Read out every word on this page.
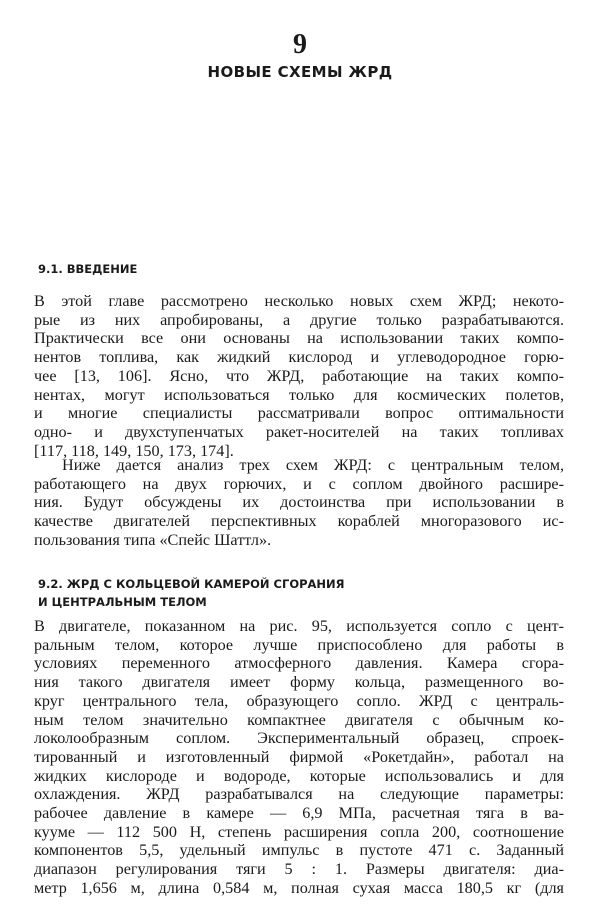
9
НОВЫЕ СХЕМЫ ЖРД
9.1. ВВЕДЕНИЕ
В этой главе рассмотрено несколько новых схем ЖРД; некото-
рые из них апробированы, а другие только разрабатываются.
Практически все они основаны на использовании таких компо-
нентов топлива, как жидкий кислород и углеводородное горю-
чее [13, 106]. Ясно, что ЖРД, работающие на таких компо-
нентах, могут использоваться только для космических полетов,
и многие специалисты рассматривали вопрос оптимальности
одно- и двухступенчатых ракет-носителей на таких топливах
[117, 118, 149, 150, 173, 174].
Ниже дается анализ трех схем ЖРД: с центральным телом,
работающего на двух горючих, и с соплом двойного расшире-
ния. Будут обсуждены их достоинства при использовании в
качестве двигателей перспективных кораблей многоразового ис-
пользования типа «Спейс Шаттл».
9.2. ЖРД С КОЛЬЦЕВОЙ КАМЕРОЙ СГОРАНИЯ
И ЦЕНТРАЛЬНЫМ ТЕЛОМ
В двигателе, показанном на рис. 95, используется сопло с цент-
ральным телом, которое лучше приспособлено для работы в
условиях переменного атмосферного давления. Камера сгора-
ния такого двигателя имеет форму кольца, размещенного во-
круг центрального тела, образующего сопло. ЖРД с централь-
ным телом значительно компактнее двигателя с обычным ко-
локолообразным соплом. Экспериментальный образец, спроек-
тированный и изготовленный фирмой «Рокетдайн», работал на
жидких кислороде и водороде, которые использовались и для
охлаждения. ЖРД разрабатывался на следующие параметры:
рабочее давление в камере — 6,9 МПа, расчетная тяга в ва-
кууме — 112 500 Н, степень расширения сопла 200, соотношение
компонентов 5,5, удельный импульс в пустоте 471 с. Заданный
диапазон регулирования тяги 5 : 1. Размеры двигателя: диа-
метр 1,656 м, длина 0,584 м, полная сухая масса 180,5 кг (для
